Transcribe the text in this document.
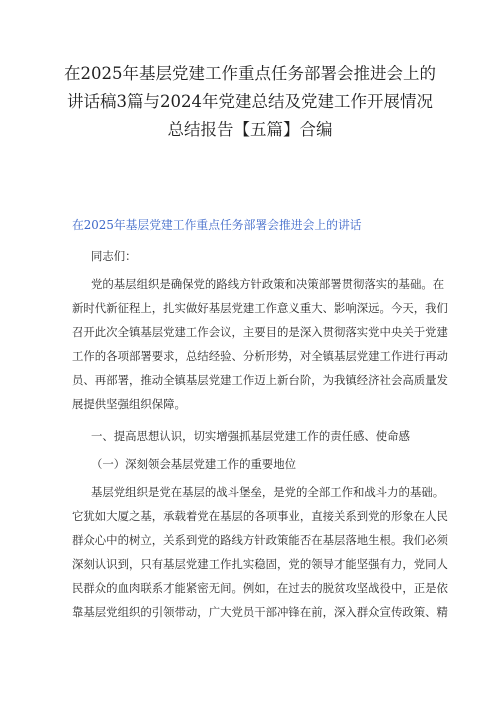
在2025年基层党建工作重点任务部署会推进会上的
讲话稿3篇与2024年党建总结及党建工作开展情况
总结报告【五篇】合编
在2025年基层党建工作重点任务部署会推进会上的讲话
同志们：
党的基层组织是确保党的路线方针政策和决策部署贯彻落实的基础。在
新时代新征程上，扎实做好基层党建工作意义重大、影响深远。今天，我们
召开此次全镇基层党建工作会议，主要目的是深入贯彻落实党中央关于党建
工作的各项部署要求，总结经验、分析形势，对全镇基层党建工作进行再动
员、再部署，推动全镇基层党建工作迈上新台阶，为我镇经济社会高质量发
展提供坚强组织保障。
一、提高思想认识，切实增强抓基层党建工作的责任感、使命感
（一）深刻领会基层党建工作的重要地位
基层党组织是党在基层的战斗堡垒，是党的全部工作和战斗力的基础。
它犹如大厦之基，承载着党在基层的各项事业，直接关系到党的形象在人民
群众心中的树立，关系到党的路线方针政策能否在基层落地生根。我们必须
深刻认识到，只有基层党建工作扎实稳固，党的领导才能坚强有力，党同人
民群众的血肉联系才能紧密无间。例如，在过去的脱贫攻坚战役中，正是依
靠基层党组织的引领带动，广大党员干部冲锋在前，深入群众宣传政策、精
